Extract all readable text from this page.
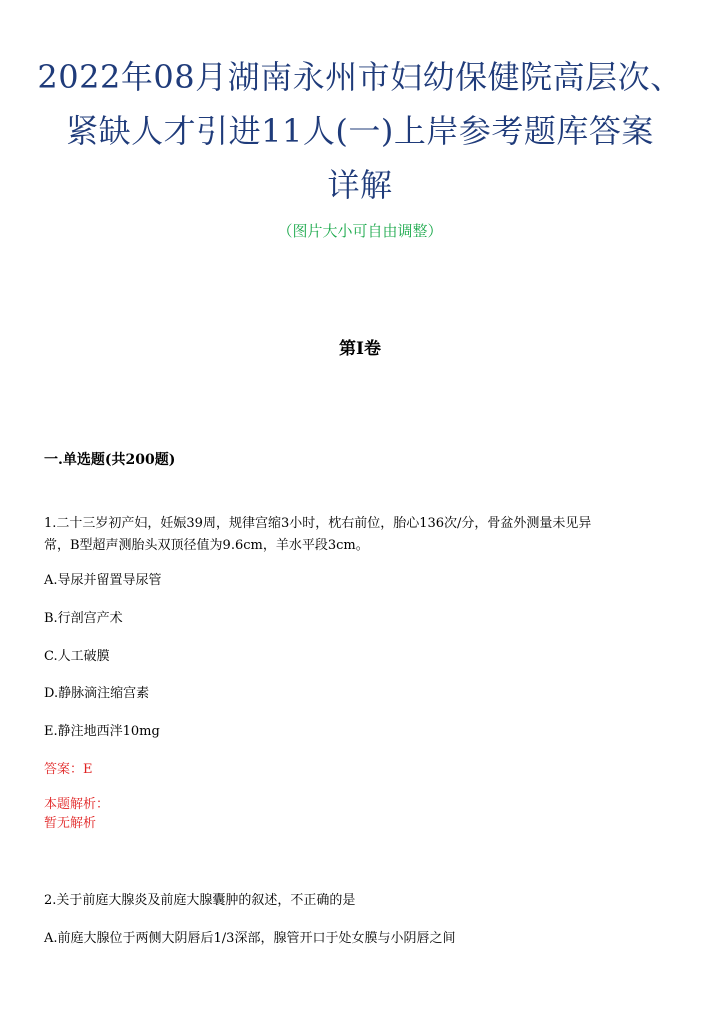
2022年08月湖南永州市妇幼保健院高层次、
紧缺人才引进11人(一)上岸参考题库答案
详解
（图片大小可自由调整）
第I卷
一.单选题(共200题)
1.二十三岁初产妇，妊娠39周，规律宫缩3小时，枕右前位，胎心136次/分，骨盆外测量未见异
常，B型超声测胎头双顶径值为9.6cm，羊水平段3cm。
A.导尿并留置导尿管
B.行剖宫产术
C.人工破膜
D.静脉滴注缩宫素
E.静注地西泮10mg
答案：E
本题解析：
暂无解析
2.关于前庭大腺炎及前庭大腺囊肿的叙述，不正确的是
A.前庭大腺位于两侧大阴唇后1/3深部，腺管开口于处女膜与小阴唇之间
